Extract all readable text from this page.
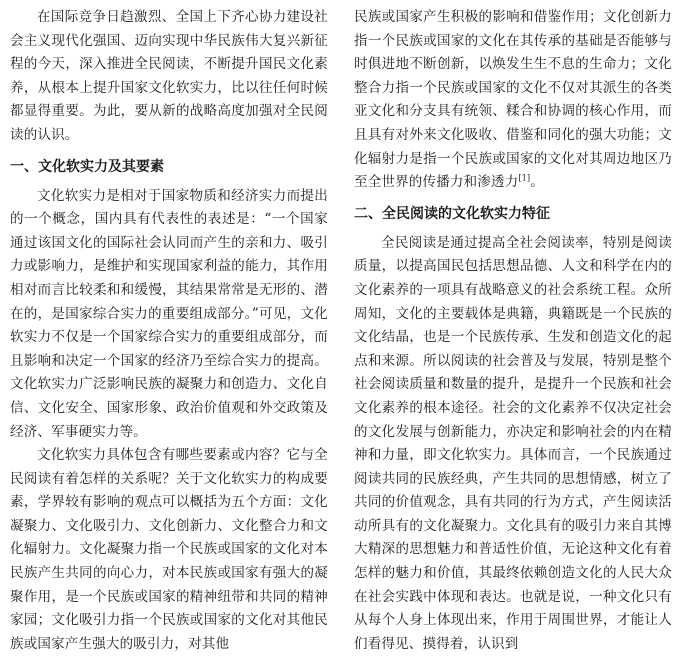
在国际竞争日趋激烈、全国上下齐心协力建设社会主义现代化强国、迈向实现中华民族伟大复兴新征程的今天，深入推进全民阅读，不断提升国民文化素养，从根本上提升国家文化软实力，比以往任何时候都显得重要。为此，要从新的战略高度加强对全民阅读的认识。

一、文化软实力及其要素

文化软实力是相对于国家物质和经济实力而提出的一个概念，国内具有代表性的表述是：“一个国家通过该国文化的国际社会认同而产生的亲和力、吸引力或影响力，是维护和实现国家利益的能力，其作用相对而言比较柔和和缓慢，其结果常常是无形的、潜在的，是国家综合实力的重要组成部分。”可见，文化软实力不仅是一个国家综合实力的重要组成部分，而且影响和决定一个国家的经济乃至综合实力的提高。文化软实力广泛影响民族的凝聚力和创造力、文化自信、文化安全、国家形象、政治价值观和外交政策及经济、军事硬实力等。

文化软实力具体包含有哪些要素或内容？它与全民阅读有着怎样的关系呢？关于文化软实力的构成要素，学界较有影响的观点可以概括为五个方面：文化凝聚力、文化吸引力、文化创新力、文化整合力和文化辐射力。文化凝聚力指一个民族或国家的文化对本民族产生共同的向心力，对本民族或国家有强大的凝聚作用，是一个民族或国家的精神纽带和共同的精神家园；文化吸引力指一个民族或国家的文化对其他民族或国家产生强大的吸引力，对其他

民族或国家产生积极的影响和借鉴作用；文化创新力指一个民族或国家的文化在其传承的基础是否能够与时俱进地不断创新，以焕发生生不息的生命力；文化整合力指一个民族或国家的文化不仅对其派生的各类亚文化和分支具有统领、糅合和协调的核心作用，而且具有对外来文化吸收、借鉴和同化的强大功能；文化辐射力是指一个民族或国家的文化对其周边地区乃至全世界的传播力和渗透力[1]。

二、全民阅读的文化软实力特征

全民阅读是通过提高全社会阅读率，特别是阅读质量，以提高国民包括思想品德、人文和科学在内的文化素养的一项具有战略意义的社会系统工程。众所周知，文化的主要载体是典籍，典籍既是一个民族的文化结晶，也是一个民族传承、生发和创造文化的起点和来源。所以阅读的社会普及与发展，特别是整个社会阅读质量和数量的提升，是提升一个民族和社会文化素养的根本途径。社会的文化素养不仅决定社会的文化发展与创新能力，亦决定和影响社会的内在精神和力量，即文化软实力。具体而言，一个民族通过阅读共同的民族经典，产生共同的思想情感，树立了共同的价值观念，具有共同的行为方式，产生阅读活动所具有的文化凝聚力。文化具有的吸引力来自其博大精深的思想魅力和普适性价值，无论这种文化有着怎样的魅力和价值，其最终依赖创造文化的人民大众在社会实践中体现和表达。也就是说，一种文化只有从每个人身上体现出来，作用于周围世界，才能让人们看得见、摸得着，认识到
